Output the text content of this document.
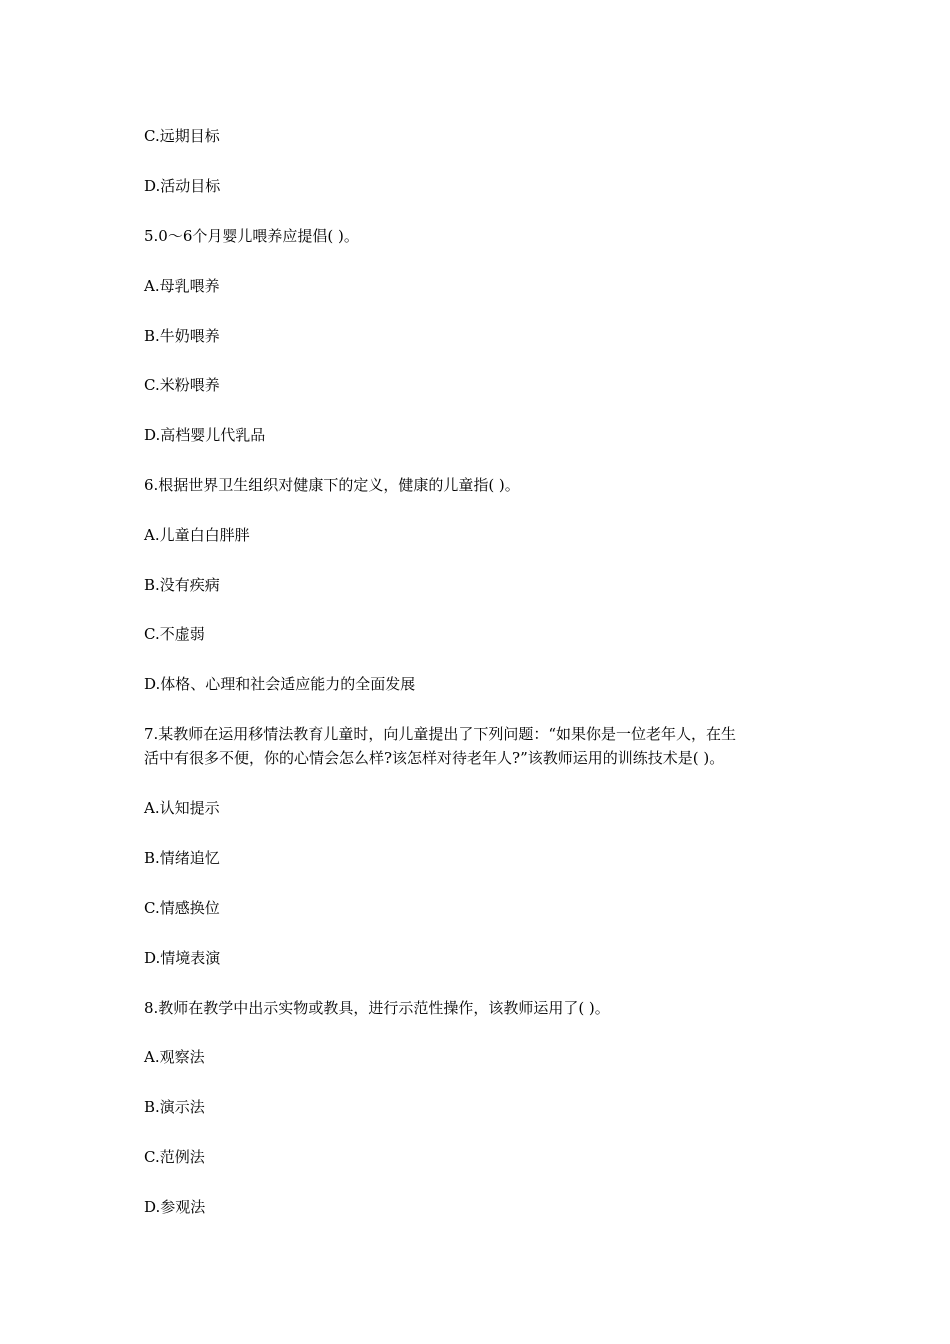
C.远期目标
D.活动目标
5.0～6个月婴儿喂养应提倡( )。
A.母乳喂养
B.牛奶喂养
C.米粉喂养
D.高档婴儿代乳品
6.根据世界卫生组织对健康下的定义，健康的儿童指( )。
A.儿童白白胖胖
B.没有疾病
C.不虚弱
D.体格、心理和社会适应能力的全面发展
7.某教师在运用移情法教育儿童时，向儿童提出了下列问题：“如果你是一位老年人，在生
活中有很多不便，你的心情会怎么样?该怎样对待老年人?”该教师运用的训练技术是( )。
A.认知提示
B.情绪追忆
C.情感换位
D.情境表演
8.教师在教学中出示实物或教具，进行示范性操作，该教师运用了( )。
A.观察法
B.演示法
C.范例法
D.参观法
